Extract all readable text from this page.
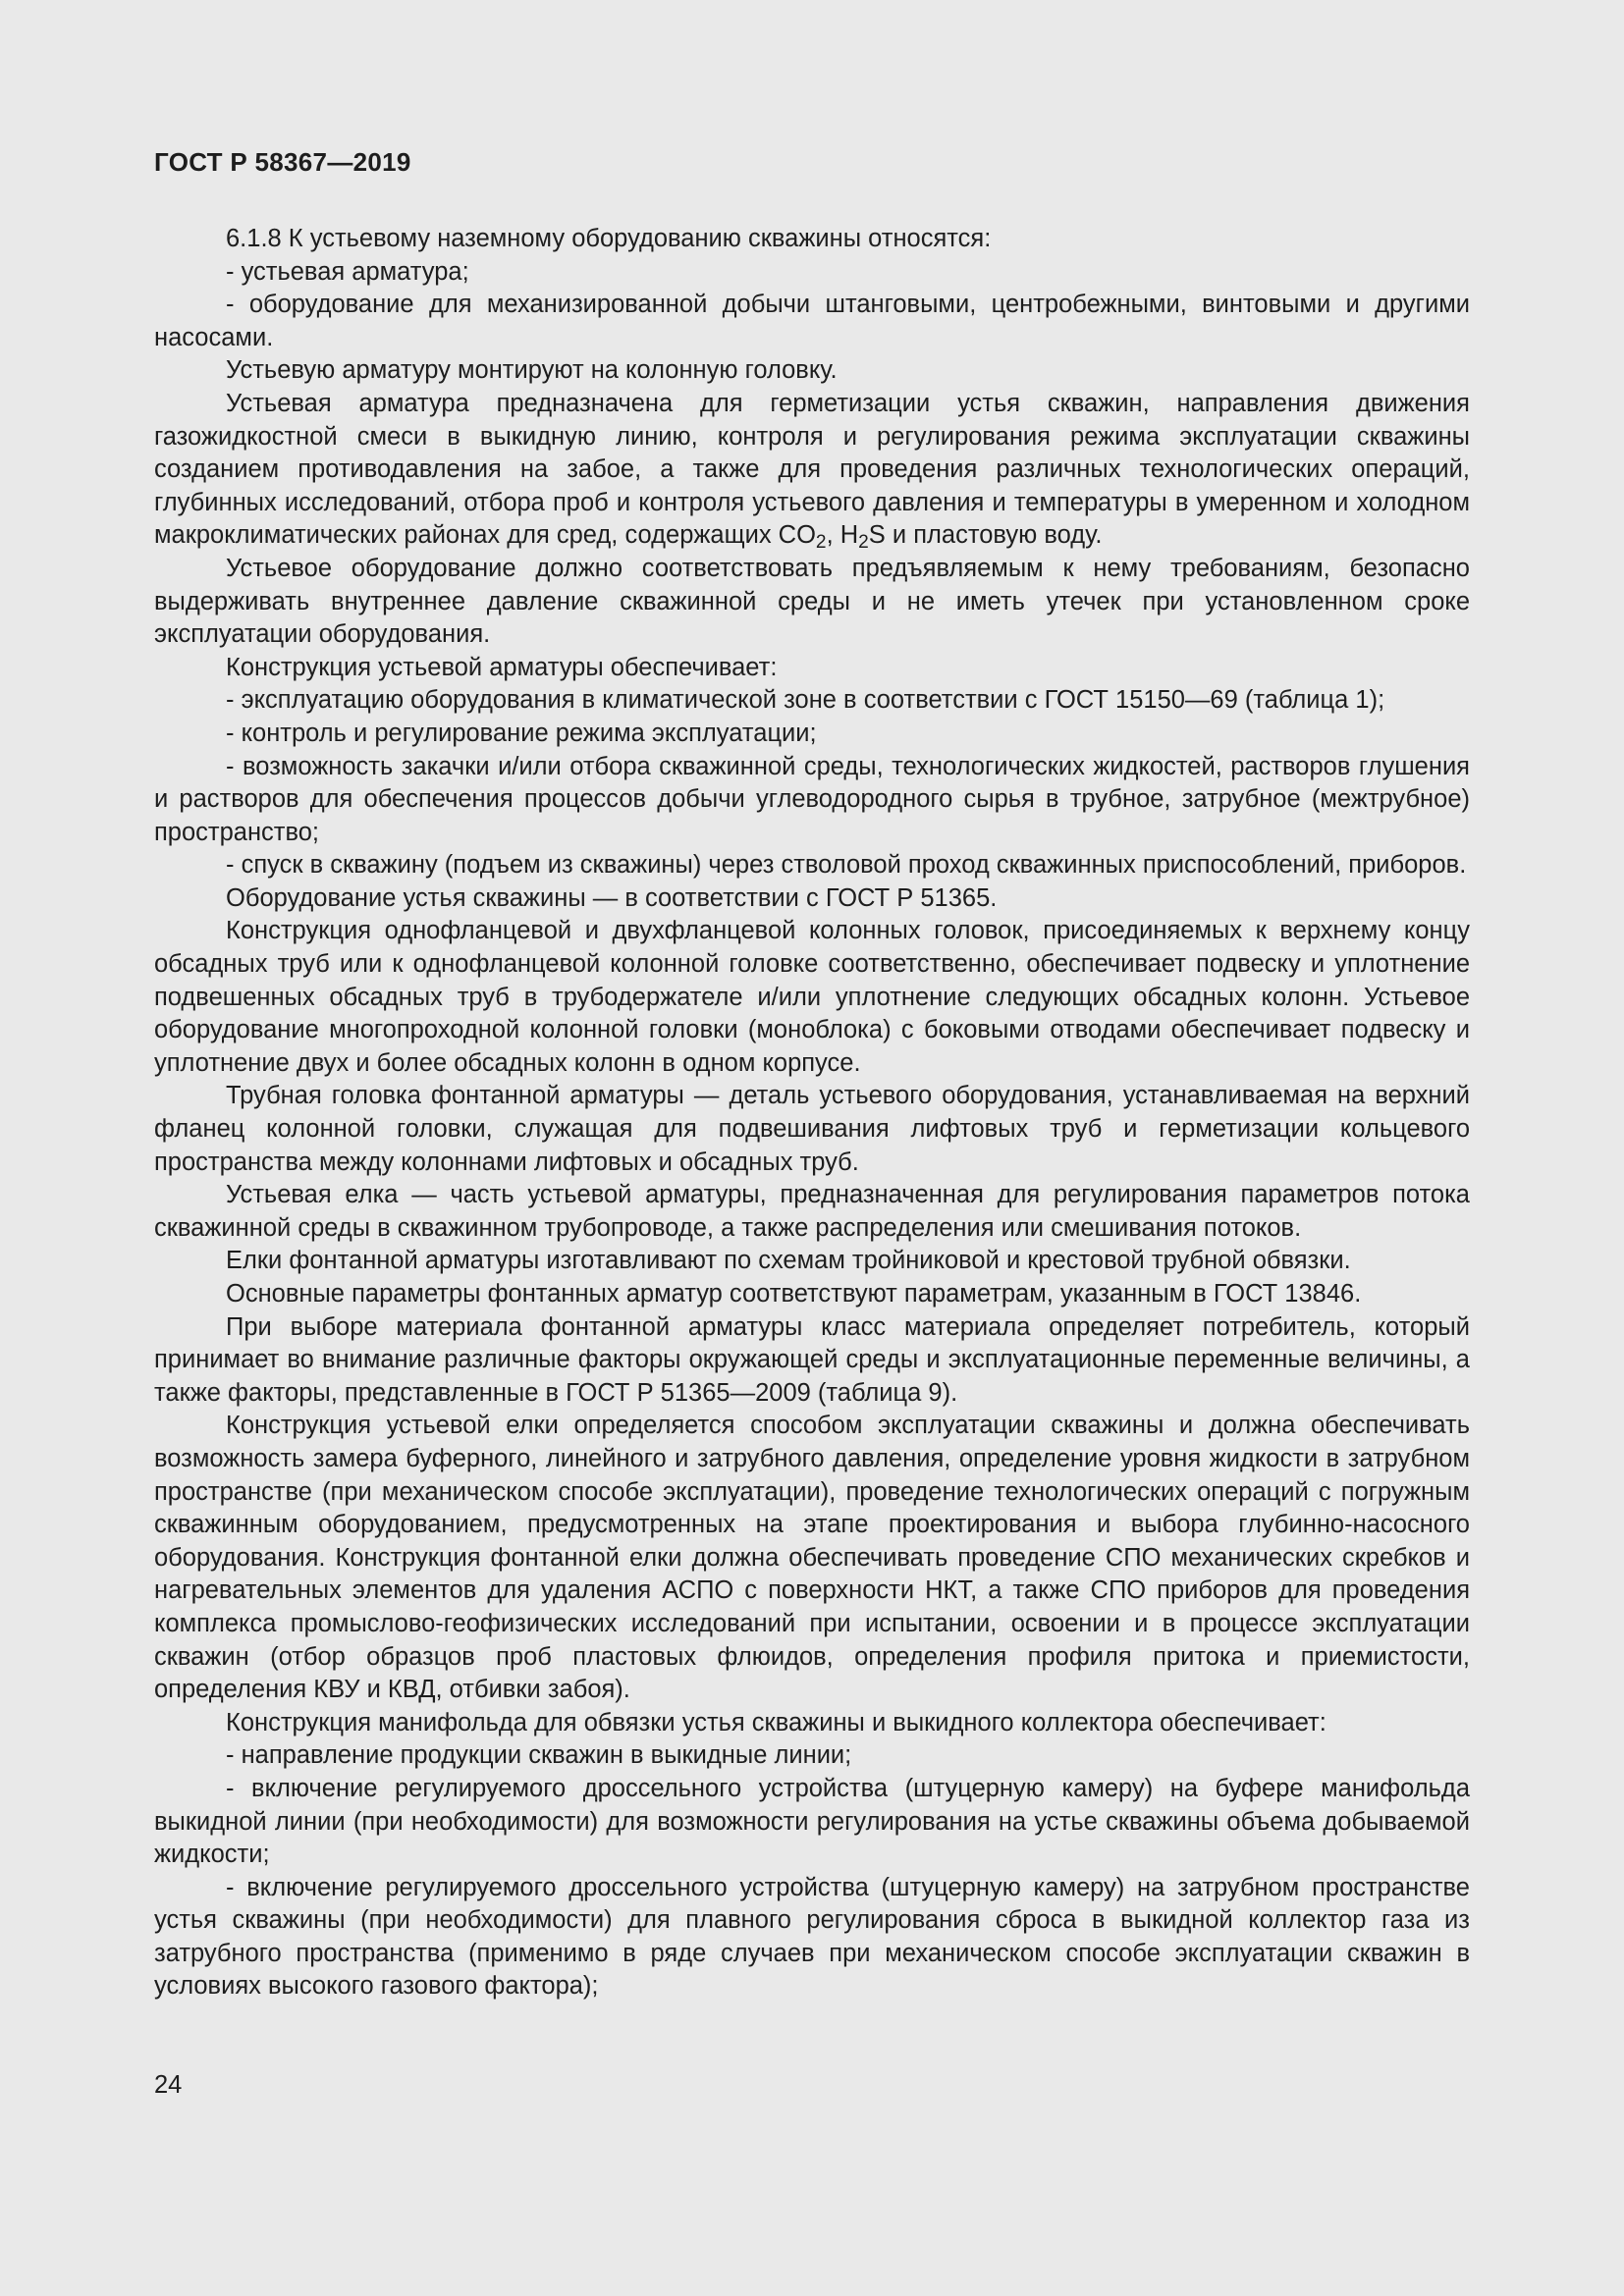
ГОСТ Р 58367—2019

6.1.8 К устьевому наземному оборудованию скважины относятся:

- устьевая арматура;

- оборудование для механизированной добычи штанговыми, центробежными, винтовыми и другими насосами.

Устьевую арматуру монтируют на колонную головку.

Устьевая арматура предназначена для герметизации устья скважин, направления движения газожидкостной смеси в выкидную линию, контроля и регулирования режима эксплуатации скважины созданием противодавления на забое, а также для проведения различных технологических операций, глубинных исследований, отбора проб и контроля устьевого давления и температуры в умеренном и холодном макроклиматических районах для сред, содержащих $CO_2$, $H_2S$ и пластовую воду.

Устьевое оборудование должно соответствовать предъявляемым к нему требованиям, безопасно выдерживать внутреннее давление скважинной среды и не иметь утечек при установленном сроке эксплуатации оборудования.

Конструкция устьевой арматуры обеспечивает:

- эксплуатацию оборудования в климатической зоне в соответствии с ГОСТ 15150—69 (таблица 1);

- контроль и регулирование режима эксплуатации;

- возможность закачки и/или отбора скважинной среды, технологических жидкостей, растворов глушения и растворов для обеспечения процессов добычи углеводородного сырья в трубное, затрубное (межтрубное) пространство;

- спуск в скважину (подъем из скважины) через стволовой проход скважинных приспособлений, приборов.

Оборудование устья скважины — в соответствии с ГОСТ Р 51365.

Конструкция однофланцевой и двухфланцевой колонных головок, присоединяемых к верхнему концу обсадных труб или к однофланцевой колонной головке соответственно, обеспечивает подвеску и уплотнение подвешенных обсадных труб в трубодержателе и/или уплотнение следующих обсадных колонн. Устьевое оборудование многопроходной колонной головки (моноблока) с боковыми отводами обеспечивает подвеску и уплотнение двух и более обсадных колонн в одном корпусе.

Трубная головка фонтанной арматуры — деталь устьевого оборудования, устанавливаемая на верхний фланец колонной головки, служащая для подвешивания лифтовых труб и герметизации кольцевого пространства между колоннами лифтовых и обсадных труб.

Устьевая елка — часть устьевой арматуры, предназначенная для регулирования параметров потока скважинной среды в скважинном трубопроводе, а также распределения или смешивания потоков.

Елки фонтанной арматуры изготавливают по схемам тройниковой и крестовой трубной обвязки.

Основные параметры фонтанных арматур соответствуют параметрам, указанным в ГОСТ 13846.

При выборе материала фонтанной арматуры класс материала определяет потребитель, который принимает во внимание различные факторы окружающей среды и эксплуатационные переменные величины, а также факторы, представленные в ГОСТ Р 51365—2009 (таблица 9).

Конструкция устьевой елки определяется способом эксплуатации скважины и должна обеспечивать возможность замера буферного, линейного и затрубного давления, определение уровня жидкости в затрубном пространстве (при механическом способе эксплуатации), проведение технологических операций с погружным скважинным оборудованием, предусмотренных на этапе проектирования и выбора глубинно-насосного оборудования. Конструкция фонтанной елки должна обеспечивать проведение СПО механических скребков и нагревательных элементов для удаления АСПО с поверхности НКТ, а также СПО приборов для проведения комплекса промыслово-геофизических исследований при испытании, освоении и в процессе эксплуатации скважин (отбор образцов проб пластовых флюидов, определения профиля притока и приемистости, определения КВУ и КВД, отбивки забоя).

Конструкция манифольда для обвязки устья скважины и выкидного коллектора обеспечивает:

- направление продукции скважин в выкидные линии;

- включение регулируемого дроссельного устройства (штуцерную камеру) на буфере манифольда выкидной линии (при необходимости) для возможности регулирования на устье скважины объема добываемой жидкости;

- включение регулируемого дроссельного устройства (штуцерную камеру) на затрубном пространстве устья скважины (при необходимости) для плавного регулирования сброса в выкидной коллектор газа из затрубного пространства (применимо в ряде случаев при механическом способе эксплуатации скважин в условиях высокого газового фактора);

24
